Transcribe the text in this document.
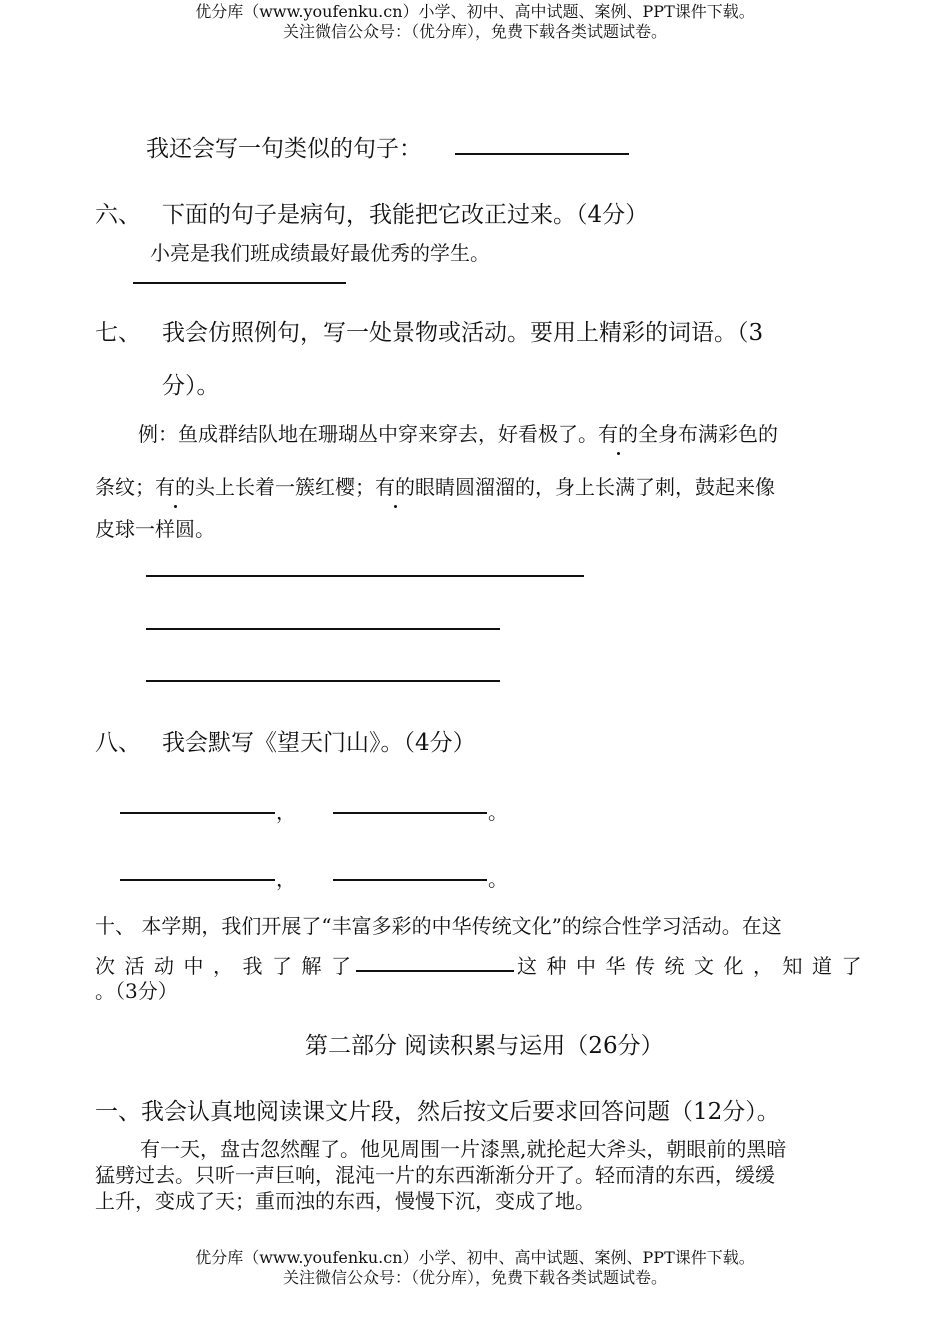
优分库（www.youfenku.cn）小学、初中、高中试题、案例、PPT课件下载。
关注微信公众号：（优分库），免费下载各类试题试卷。
我还会写一句类似的句子：
六、 下面的句子是病句，我能把它改正过来。（4分）
小亮是我们班成绩最好最优秀的学生。
七、 我会仿照例句，写一处景物或活动。要用上精彩的词语。（3
分）。
例：鱼成群结队地在珊瑚丛中穿来穿去，好看极了。有的全身布满彩色的
条纹；有的头上长着一簇红樱；有的眼睛圆溜溜的，身上长满了刺，鼓起来像
皮球一样圆。
八、 我会默写《望天门山》。（4分）
，	。
，	。
十、 本学期，我们开展了“丰富多彩的中华传统文化”的综合性学习活动。在这
次活动中，我了解了	这种中华传统文化，知道了
。（3分）
第二部分 阅读积累与运用（26分）
一、我会认真地阅读课文片段，然后按文后要求回答问题（12分）。
有一天，盘古忽然醒了。他见周围一片漆黑,就抡起大斧头，朝眼前的黑暗
猛劈过去。只听一声巨响，混沌一片的东西渐渐分开了。轻而清的东西，缓缓
上升，变成了天；重而浊的东西，慢慢下沉，变成了地。
优分库（www.youfenku.cn）小学、初中、高中试题、案例、PPT课件下载。
关注微信公众号：（优分库），免费下载各类试题试卷。
